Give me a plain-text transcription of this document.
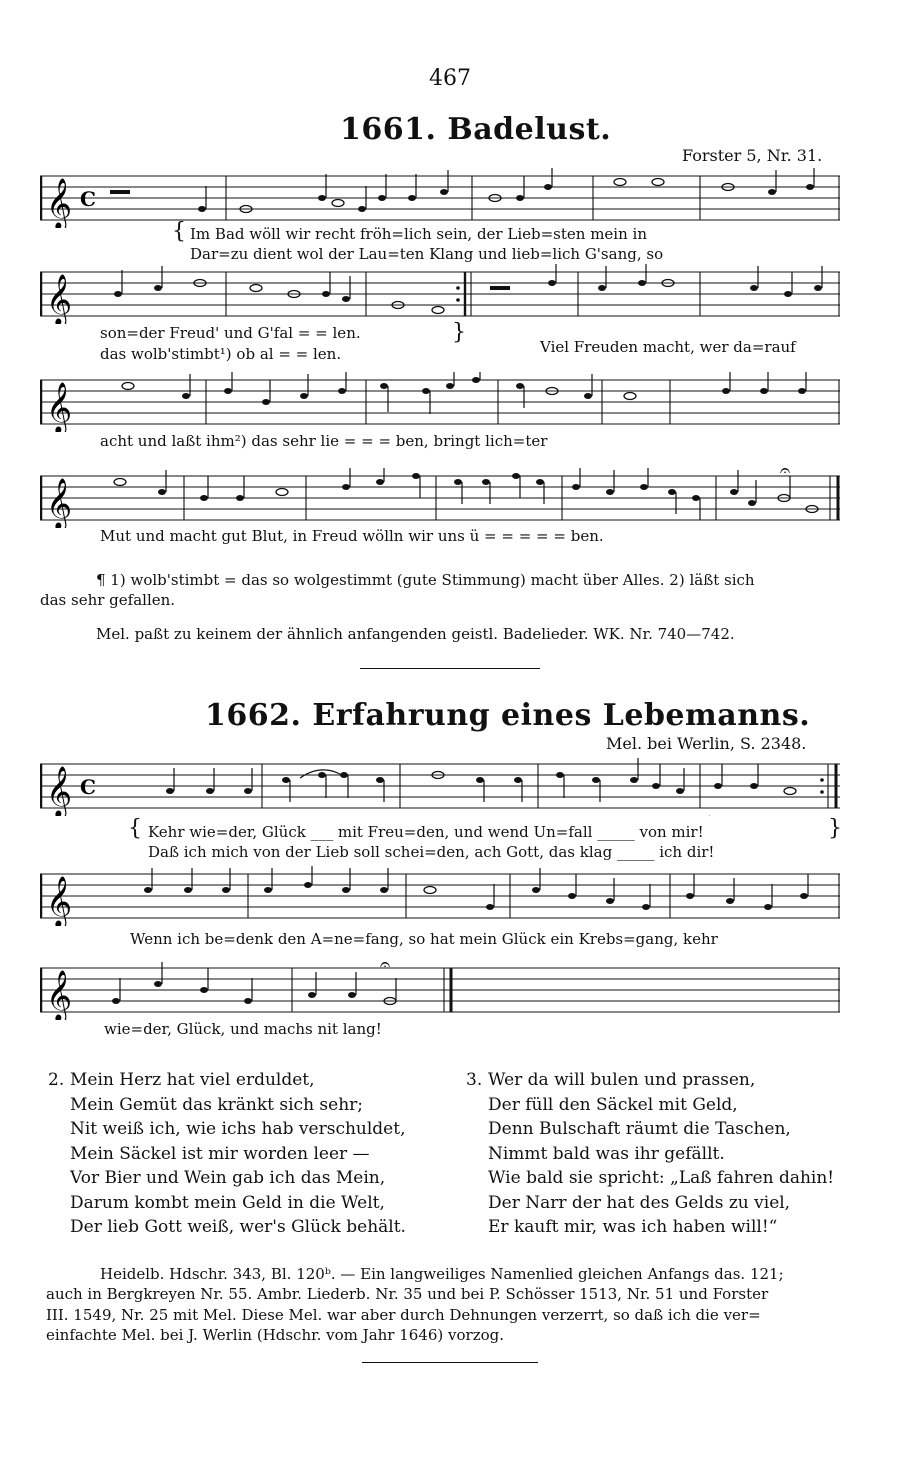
467
1661. Badelust.
Forster 5, Nr. 31.
𝄞 C
{ Im Bad wöll wir recht fröh=lich sein, der Lieb=sten mein in
Dar=zu dient wol der Lau=ten Klang und lieb=lich G'sang, so
𝄞
son=der Freud' und G'fal = = len.
das wolb'stimbt¹) ob al = = len.
}
Viel Freuden macht, wer da=rauf
𝄞
acht und laßt ihm²) das sehr lie = = = ben, bringt lich=ter
𝄞
𝄐
Mut und macht gut Blut, in Freud wölln wir uns ü = = = = = ben.
¶ 1) wolb'stimbt = das so wolgestimmt (gute Stimmung) macht über Alles. 2) läßt sich
das sehr gefallen.
Mel. paßt zu keinem der ähnlich anfangenden geistl. Badelieder. WK. Nr. 740—742.
1662. Erfahrung eines Lebemanns.
Mel. bei Werlin, S. 2348.
𝄞 C
{ Kehr wie=der, Glück ___ mit Freu=den, und wend Un=fall _____ von mir!
Daß ich mich von der Lieb soll schei=den, ach Gott, das klag _____ ich dir!
}
𝄞
Wenn ich be=denk den A=ne=fang, so hat mein Glück ein Krebs=gang, kehr
𝄞
𝄐
wie=der, Glück, und machs nit lang!
2. Mein Herz hat viel erduldet,
Mein Gemüt das kränkt sich sehr;
Nit weiß ich, wie ichs hab verschuldet,
Mein Säckel ist mir worden leer —
Vor Bier und Wein gab ich das Mein,
Darum kombt mein Geld in die Welt,
Der lieb Gott weiß, wer's Glück behält.
3. Wer da will bulen und prassen,
Der füll den Säckel mit Geld,
Denn Bulschaft räumt die Taschen,
Nimmt bald was ihr gefällt.
Wie bald sie spricht: „Laß fahren dahin!
Der Narr der hat des Gelds zu viel,
Er kauft mir, was ich haben will!“
Heidelb. Hdschr. 343, Bl. 120ᵇ. — Ein langweiliges Namenlied gleichen Anfangs das. 121;
auch in Bergkreyen Nr. 55. Ambr. Liederb. Nr. 35 und bei P. Schösser 1513, Nr. 51 und Forster
III. 1549, Nr. 25 mit Mel. Diese Mel. war aber durch Dehnungen verzerrt, so daß ich die ver=
einfachte Mel. bei J. Werlin (Hdschr. vom Jahr 1646) vorzog.
